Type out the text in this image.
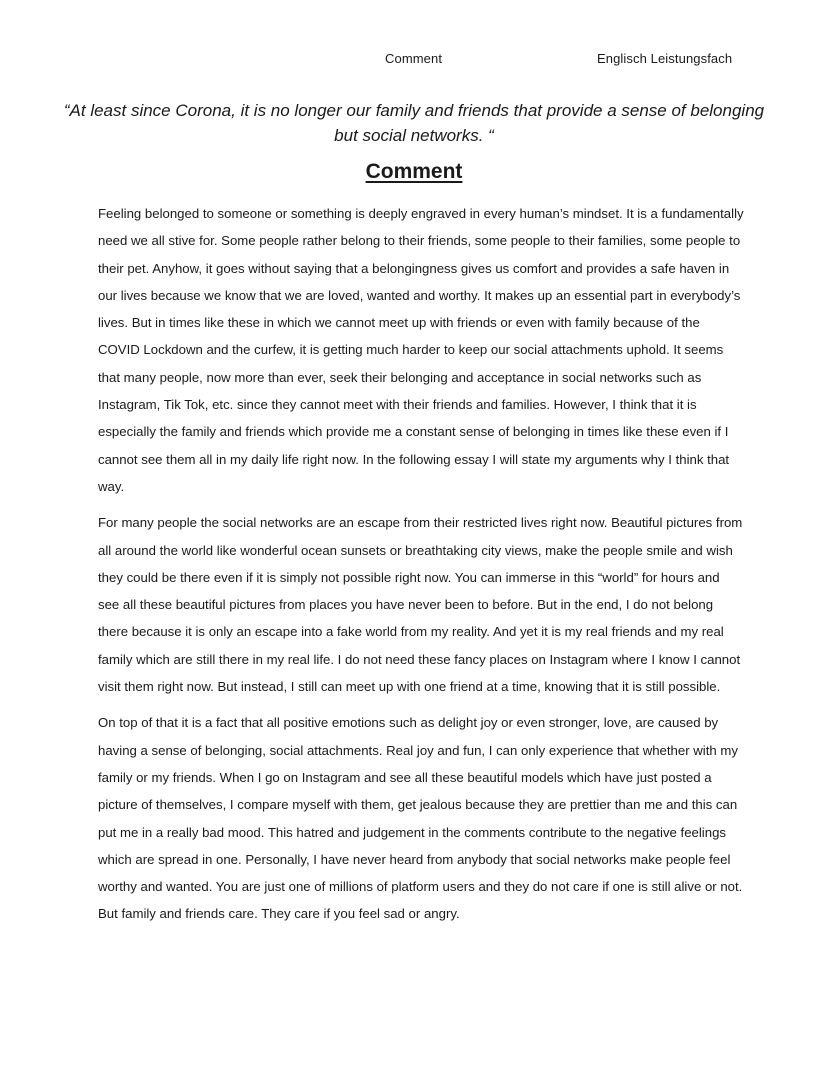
Comment	Englisch Leistungsfach
“At least since Corona, it is no longer our family and friends that provide a sense of belonging but social networks. “
Comment

Feeling belonged to someone or something is deeply engraved in every human’s mindset. It is a fundamentally need we all stive for. Some people rather belong to their friends, some people to their families, some people to their pet. Anyhow, it goes without saying that a belongingness gives us comfort and provides a safe haven in our lives because we know that we are loved, wanted and worthy. It makes up an essential part in everybody’s lives. But in times like these in which we cannot meet up with friends or even with family because of the COVID Lockdown and the curfew, it is getting much harder to keep our social attachments uphold. It seems that many people, now more than ever, seek their belonging and acceptance in social networks such as Instagram, Tik Tok, etc. since they cannot meet with their friends and families. However, I think that it is especially the family and friends which provide me a constant sense of belonging in times like these even if I cannot see them all in my daily life right now. In the following essay I will state my arguments why I think that way.

For many people the social networks are an escape from their restricted lives right now. Beautiful pictures from all around the world like wonderful ocean sunsets or breathtaking city views, make the people smile and wish they could be there even if it is simply not possible right now. You can immerse in this “world” for hours and see all these beautiful pictures from places you have never been to before. But in the end, I do not belong there because it is only an escape into a fake world from my reality. And yet it is my real friends and my real family which are still there in my real life. I do not need these fancy places on Instagram where I know I cannot visit them right now. But instead, I still can meet up with one friend at a time, knowing that it is still possible.

On top of that it is a fact that all positive emotions such as delight joy or even stronger, love, are caused by having a sense of belonging, social attachments. Real joy and fun, I can only experience that whether with my family or my friends. When I go on Instagram and see all these beautiful models which have just posted a picture of themselves, I compare myself with them, get jealous because they are prettier than me and this can put me in a really bad mood. This hatred and judgement in the comments contribute to the negative feelings which are spread in one. Personally, I have never heard from anybody that social networks make people feel worthy and wanted. You are just one of millions of platform users and they do not care if one is still alive or not. But family and friends care. They care if you feel sad or angry.
